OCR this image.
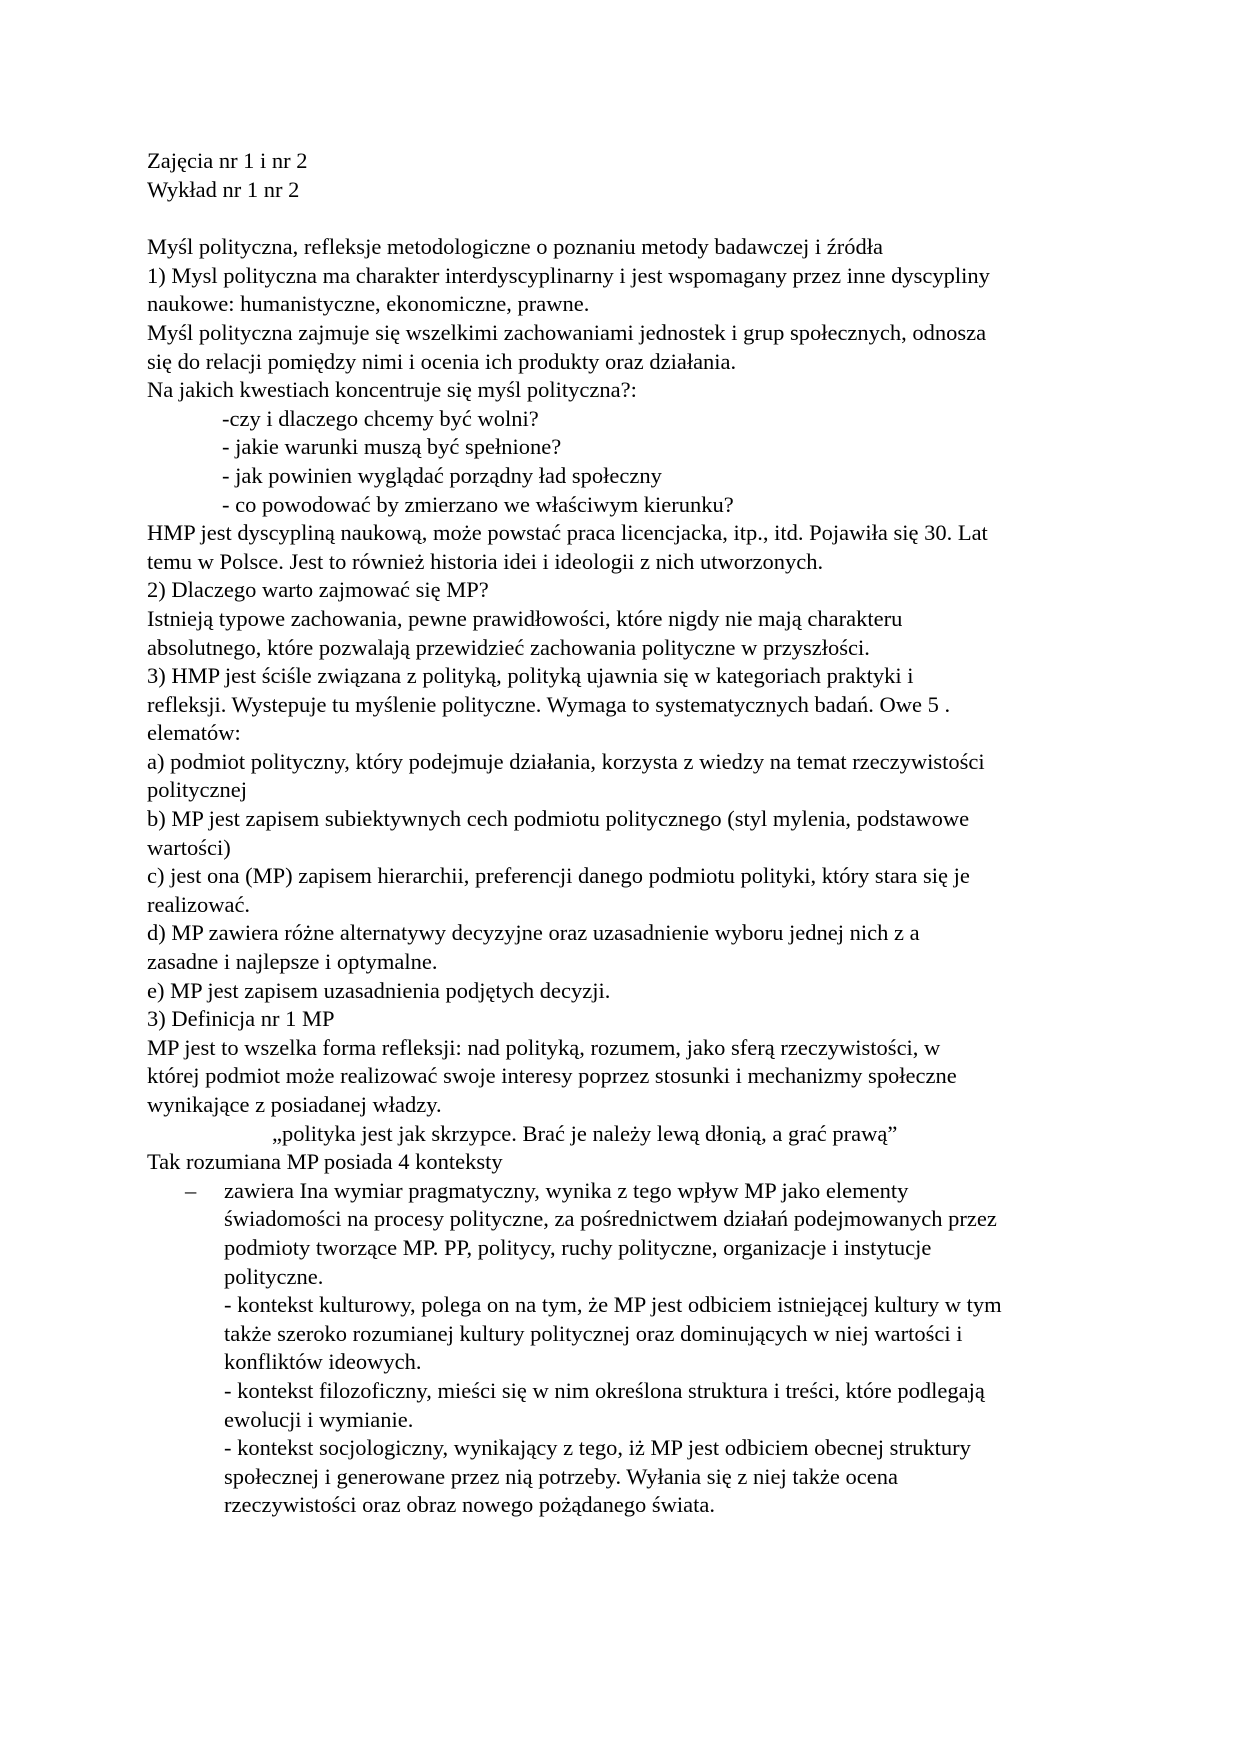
Zajęcia nr 1 i nr 2
Wykład nr 1 nr 2
Myśl polityczna, refleksje metodologiczne o poznaniu metody badawczej i źródła
1) Mysl polityczna ma charakter interdyscyplinarny i jest wspomagany przez inne dyscypliny
naukowe: humanistyczne, ekonomiczne, prawne.
Myśl polityczna zajmuje się wszelkimi zachowaniami jednostek i grup społecznych, odnosza
się do relacji pomiędzy nimi i ocenia ich produkty oraz działania.
Na jakich kwestiach koncentruje się myśl polityczna?:
-czy i dlaczego chcemy być wolni?
- jakie warunki muszą być spełnione?
- jak powinien wyglądać porządny ład społeczny
- co powodować by zmierzano we właściwym kierunku?
HMP jest dyscypliną naukową, może powstać praca licencjacka, itp., itd. Pojawiła się 30. Lat
temu w Polsce. Jest to również historia idei i ideologii z nich utworzonych.
2) Dlaczego warto zajmować się MP?
Istnieją typowe zachowania, pewne prawidłowości, które nigdy nie mają charakteru
absolutnego, które pozwalają przewidzieć zachowania polityczne w przyszłości.
3) HMP jest ściśle związana z polityką, polityką ujawnia się w kategoriach praktyki i
refleksji. Wystepuje tu myślenie polityczne. Wymaga to systematycznych badań. Owe 5 .
elematów:
a) podmiot polityczny, który podejmuje działania, korzysta z wiedzy na temat rzeczywistości
politycznej
b) MP jest zapisem subiektywnych cech podmiotu politycznego (styl mylenia, podstawowe
wartości)
c) jest ona (MP) zapisem hierarchii, preferencji danego podmiotu polityki, który stara się je
realizować.
d) MP zawiera różne alternatywy decyzyjne oraz uzasadnienie wyboru jednej nich z a
zasadne i najlepsze i optymalne.
e) MP jest zapisem uzasadnienia podjętych decyzji.
3) Definicja nr 1 MP
MP jest to wszelka forma refleksji: nad polityką, rozumem, jako sferą rzeczywistości, w
której podmiot może realizować swoje interesy poprzez stosunki i mechanizmy społeczne
wynikające z posiadanej władzy.
„polityka jest jak skrzypce. Brać je należy lewą dłonią, a grać prawą”
Tak rozumiana MP posiada 4 konteksty
– zawiera Ina wymiar pragmatyczny, wynika z tego wpływ MP jako elementy
świadomości na procesy polityczne, za pośrednictwem działań podejmowanych przez
podmioty tworzące MP. PP, politycy, ruchy polityczne, organizacje i instytucje
polityczne.
- kontekst kulturowy, polega on na tym, że MP jest odbiciem istniejącej kultury w tym
także szeroko rozumianej kultury politycznej oraz dominujących w niej wartości i
konfliktów ideowych.
- kontekst filozoficzny, mieści się w nim określona struktura i treści, które podlegają
ewolucji i wymianie.
- kontekst socjologiczny, wynikający z tego, iż MP jest odbiciem obecnej struktury
społecznej i generowane przez nią potrzeby. Wyłania się z niej także ocena
rzeczywistości oraz obraz nowego pożądanego świata.
